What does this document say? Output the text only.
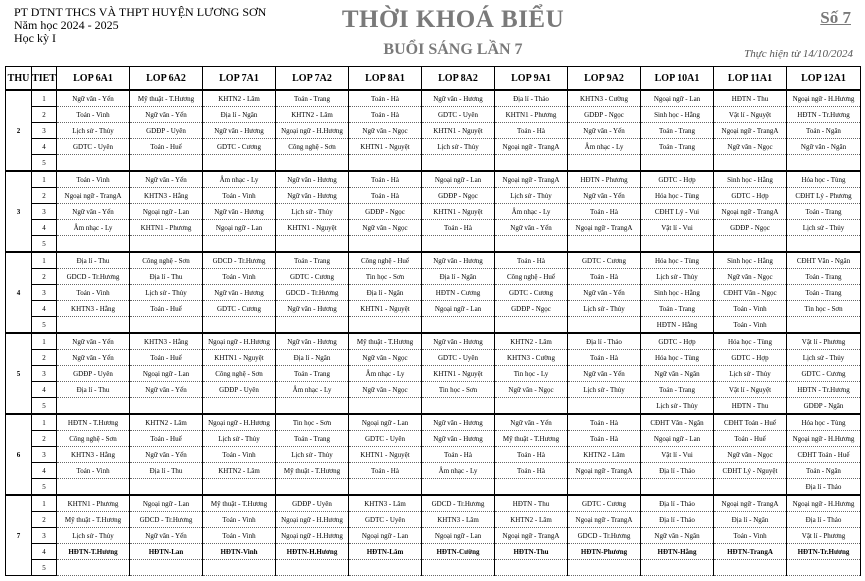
PT DTNT THCS VÀ THPT HUYỆN LƯƠNG SƠN
Năm học 2024 - 2025
Học kỳ I
THỜI KHOÁ BIỂU
BUỔI SÁNG LẦN 7
Số 7
Thực hiện từ 14/10/2024
THU	TIET	LOP 6A1	LOP 6A2	LOP 7A1	LOP 7A2	LOP 8A1	LOP 8A2	LOP 9A1	LOP 9A2	LOP 10A1	LOP 11A1	LOP 12A1
2	1	Ngữ văn - Yến	Mỹ thuật - T.Hương	KHTN2 - Lâm	Toán - Trang	Toán - Hà	Ngữ văn - Hương	Địa lí - Thảo	KHTN3 - Cường	Ngoại ngữ - Lan	HĐTN - Thu	Ngoại ngữ - H.Hương
	2	Toán - Vinh	Ngữ văn - Yến	Địa lí - Ngân	KHTN2 - Lâm	Toán - Hà	GDTC - Uyên	KHTN1 - Phương	GDĐP - Ngọc	Sinh học - Hằng	Vật lí - Nguyệt	HĐTN - Tr.Hương
	3	Lịch sử - Thủy	GDĐP - Uyên	Ngữ văn - Hương	Ngoại ngữ - H.Hương	Ngữ văn - Ngọc	KHTN1 - Nguyệt	Toán - Hà	Ngữ văn - Yến	Toán - Trang	Ngoại ngữ - TrangA	Toán - Ngân
	4	GDTC - Uyên	Toán - Huế	GDTC - Cương	Công nghệ - Sơn	KHTN1 - Nguyệt	Lịch sử - Thủy	Ngoại ngữ - TrangA	Âm nhạc - Ly	Toán - Trang	Ngữ văn - Ngọc	Ngữ văn - Ngân
	5											
3	1	Toán - Vinh	Ngữ văn - Yến	Âm nhạc - Ly	Ngữ văn - Hương	Toán - Hà	Ngoại ngữ - Lan	Ngoại ngữ - TrangA	HĐTN - Phương	GDTC - Hợp	Sinh học - Hằng	Hóa học - Tùng
	2	Ngoại ngữ - TrangA	KHTN3 - Hằng	Toán - Vinh	Ngữ văn - Hương	Toán - Hà	GDĐP - Ngọc	Lịch sử - Thủy	Ngữ văn - Yến	Hóa học - Tùng	GDTC - Hợp	CĐHT Lý - Phương
	3	Ngữ văn - Yến	Ngoại ngữ - Lan	Ngữ văn - Hương	Lịch sử - Thủy	GDĐP - Ngọc	KHTN1 - Nguyệt	Âm nhạc - Ly	Toán - Hà	CĐHT Lý - Vui	Ngoại ngữ - TrangA	Toán - Trang
	4	Âm nhạc - Ly	KHTN1 - Phương	Ngoại ngữ - Lan	KHTN1 - Nguyệt	Ngữ văn - Ngọc	Toán - Hà	Ngữ văn - Yến	Ngoại ngữ - TrangA	Vật lí - Vui	GDĐP - Ngọc	Lịch sử - Thủy
	5											
4	1	Địa lí - Thu	Công nghệ - Sơn	GDCD - Tr.Hương	Toán - Trang	Công nghệ - Huế	Ngữ văn - Hương	Toán - Hà	GDTC - Cương	Hóa học - Tùng	Sinh học - Hằng	CĐHT Văn - Ngân
	2	GDCD - Tr.Hương	Địa lí - Thu	Toán - Vinh	GDTC - Cương	Tin học - Sơn	Địa lí - Ngân	Công nghệ - Huế	Toán - Hà	Lịch sử - Thủy	Ngữ văn - Ngọc	Toán - Trang
	3	Toán - Vinh	Lịch sử - Thủy	Ngữ văn - Hương	GDCD - Tr.Hương	Địa lí - Ngân	HĐTN - Cương	GDTC - Cương	Ngữ văn - Yến	Sinh học - Hằng	CĐHT Văn - Ngọc	Toán - Trang
	4	KHTN3 - Hằng	Toán - Huế	GDTC - Cương	Ngữ văn - Hương	KHTN1 - Nguyệt	Ngoại ngữ - Lan	GDĐP - Ngọc	Lịch sử - Thủy	Toán - Trang	Toán - Vinh	Tin học - Sơn
	5									HĐTN - Hằng	Toán - Vinh	
5	1	Ngữ văn - Yến	KHTN3 - Hằng	Ngoại ngữ - H.Hương	Ngữ văn - Hương	Mỹ thuật - T.Hương	Ngữ văn - Hương	KHTN2 - Lâm	Địa lí - Thảo	GDTC - Hợp	Hóa học - Tùng	Vật lí - Phương
	2	Ngữ văn - Yến	Toán - Huế	KHTN1 - Nguyệt	Địa lí - Ngân	Ngữ văn - Ngọc	GDTC - Uyên	KHTN3 - Cường	Toán - Hà	Hóa học - Tùng	GDTC - Hợp	Lịch sử - Thủy
	3	GDĐP - Uyên	Ngoại ngữ - Lan	Công nghệ - Sơn	Toán - Trang	Âm nhạc - Ly	KHTN1 - Nguyệt	Tin học - Ly	Ngữ văn - Yến	Ngữ văn - Ngân	Lịch sử - Thủy	GDTC - Cương
	4	Địa lí - Thu	Ngữ văn - Yến	GDĐP - Uyên	Âm nhạc - Ly	Ngữ văn - Ngọc	Tin học - Sơn	Ngữ văn - Ngọc	Lịch sử - Thủy	Toán - Trang	Vật lí - Nguyệt	HĐTN - Tr.Hương
	5									Lịch sử - Thủy	HĐTN - Thu	GDĐP - Ngân
6	1	HĐTN - T.Hương	KHTN2 - Lâm	Ngoại ngữ - H.Hương	Tin học - Sơn	Ngoại ngữ - Lan	Ngữ văn - Hương	Ngữ văn - Yến	Toán - Hà	CĐHT Văn - Ngân	CĐHT Toán - Huế	Hóa học - Tùng
	2	Công nghệ - Sơn	Toán - Huế	Lịch sử - Thủy	Toán - Trang	GDTC - Uyên	Ngữ văn - Hương	Mỹ thuật - T.Hương	Toán - Hà	Ngoại ngữ - Lan	Toán - Huế	Ngoại ngữ - H.Hương
	3	KHTN3 - Hằng	Ngữ văn - Yến	Toán - Vinh	Lịch sử - Thủy	KHTN1 - Nguyệt	Toán - Hà	Toán - Hà	KHTN2 - Lâm	Vật lí - Vui	Ngữ văn - Ngọc	CĐHT Toán - Huế
	4	Toán - Vinh	Địa lí - Thu	KHTN2 - Lâm	Mỹ thuật - T.Hương	Toán - Hà	Âm nhạc - Ly	Toán - Hà	Ngoại ngữ - TrangA	Địa lí - Thảo	CĐHT Lý - Nguyệt	Toán - Ngân
	5											Địa lí - Thảo
7	1	KHTN1 - Phương	Ngoại ngữ - Lan	Mỹ thuật - T.Hương	GDĐP - Uyên	KHTN3 - Lâm	GDCD - Tr.Hương	HĐTN - Thu	GDTC - Cương	Địa lí - Thảo	Ngoại ngữ - TrangA	Ngoại ngữ - H.Hương
	2	Mỹ thuật - T.Hương	GDCD - Tr.Hương	Toán - Vinh	Ngoại ngữ - H.Hương	GDTC - Uyên	KHTN3 - Lâm	KHTN2 - Lâm	Ngoại ngữ - TrangA	Địa lí - Thảo	Địa lí - Ngân	Địa lí - Thảo
	3	Lịch sử - Thủy	Ngữ văn - Yến	Toán - Vinh	Ngoại ngữ - H.Hương	Ngoại ngữ - Lan	Ngoại ngữ - Lan	Ngoại ngữ - TrangA	GDCD - Tr.Hương	Ngữ văn - Ngân	Toán - Vinh	Vật lí - Phương
	4	HĐTN-T.Hương	HĐTN-Lan	HĐTN-Vinh	HĐTN-H.Hương	HĐTN-Lâm	HĐTN-Cường	HĐTN-Thu	HĐTN-Phương	HĐTN-Hằng	HĐTN-TrangA	HĐTN-Tr.Hương
	5											
